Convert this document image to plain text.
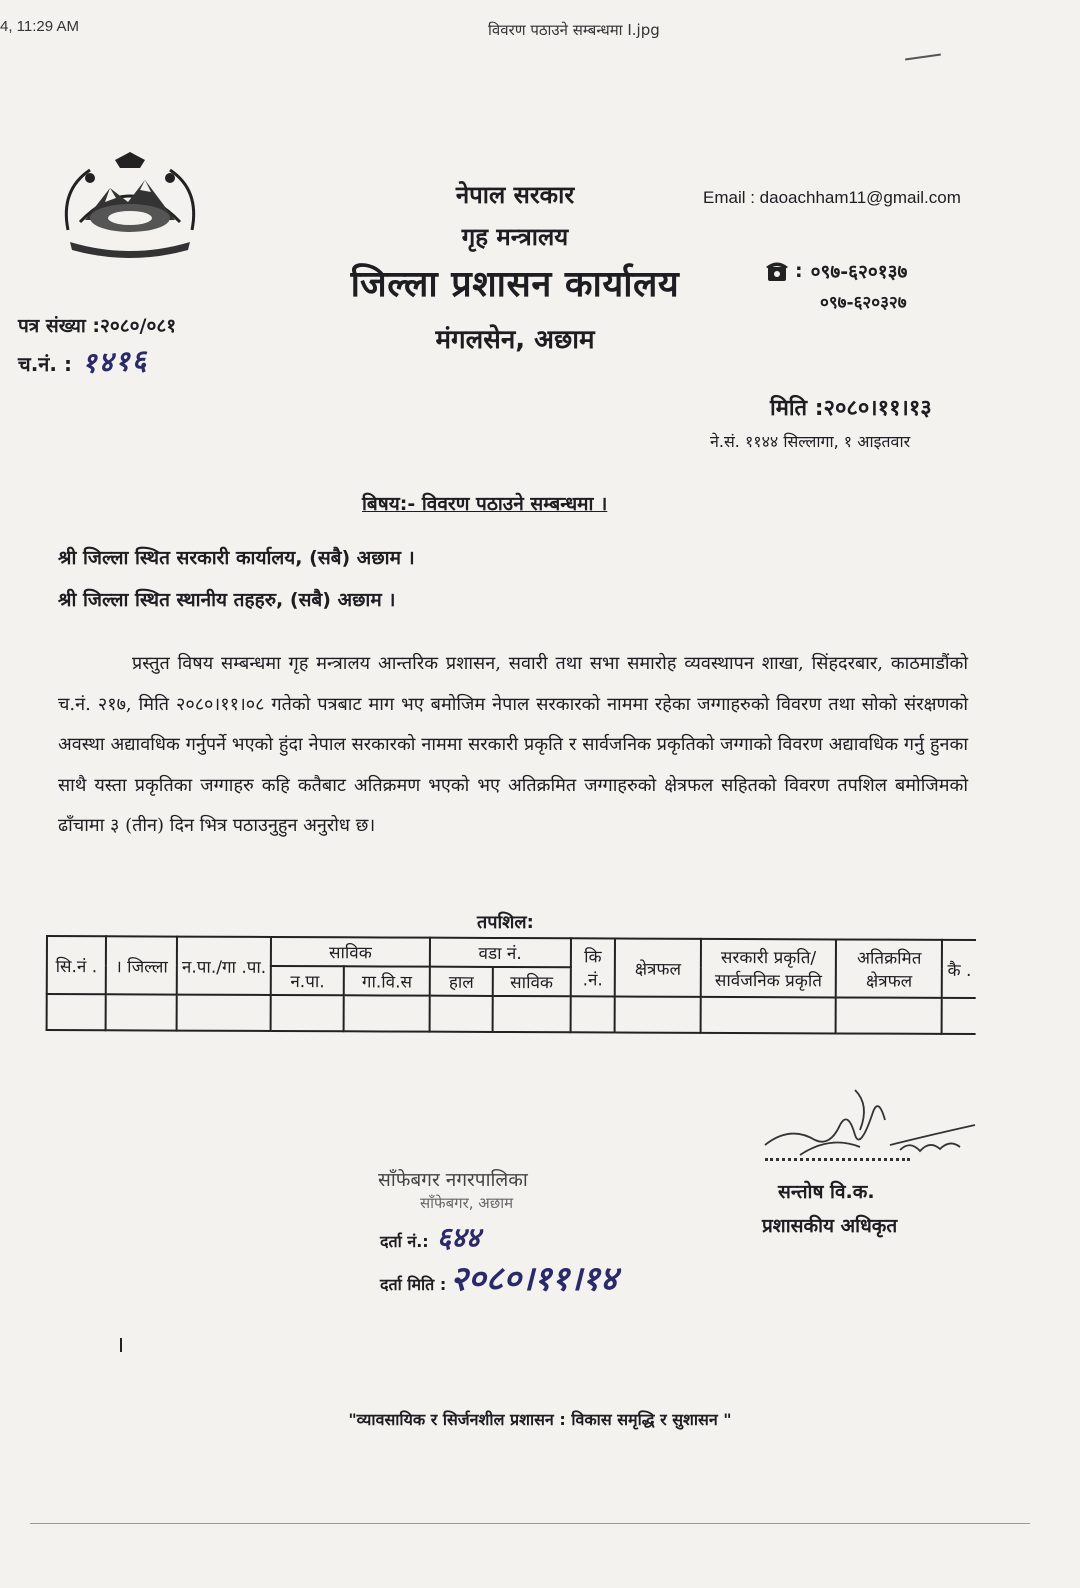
4, 11:29 AM	विवरण पठाउने सम्बन्धमा I.jpg
नेपाल सरकार
गृह मन्त्रालय
जिल्ला प्रशासन कार्यालय
मंगलसेन, अछाम
Email : daoachham11@gmail.com
: ०९७-६२०१३७
०९७-६२०३२७
पत्र संख्या :२०८०/०८१
च.नं. : १४१६
मिति :२०८०।११।१३
ने.सं. ११४४ सिल्लागा, १ आइतवार
बिषय:- विवरण पठाउने सम्बन्धमा ।
श्री जिल्ला स्थित सरकारी कार्यालय, (सबै) अछाम ।
श्री जिल्ला स्थित स्थानीय तहहरु, (सबै) अछाम ।
प्रस्तुत विषय सम्बन्धमा गृह मन्त्रालय आन्तरिक प्रशासन, सवारी तथा सभा समारोह व्यवस्थापन शाखा, सिंहदरबार, काठमाडौंको च.नं. २१७, मिति २०८०।११।०८ गतेको पत्रबाट माग भए बमोजिम नेपाल सरकारको नाममा रहेका जग्गाहरुको विवरण तथा सोको संरक्षणको अवस्था अद्यावधिक गर्नुपर्ने भएको हुंदा नेपाल सरकारको नाममा सरकारी प्रकृति र सार्वजनिक प्रकृतिको जग्गाको विवरण अद्यावधिक गर्नु हुनका साथै यस्ता प्रकृतिका जग्गाहरु कहि कतैबाट अतिक्रमण भएको भए अतिक्रमित जग्गाहरुको क्षेत्रफल सहितको विवरण तपशिल बमोजिमको ढाँचामा ३ (तीन) दिन भित्र पठाउनुहुन अनुरोध छ।
तपशिल:
सि.नं .	। जिल्ला	न.पा./गा .पा.	साविक		वडा नं.		कि .नं.	क्षेत्रफल	सरकारी प्रकृति/सार्वजनिक प्रकृति	अतिक्रमित क्षेत्रफल	कै .
			न.पा.	गा.वि.स	हाल	साविक					

सन्तोष वि.क.
प्रशासकीय अधिकृत
साँफेबगर नगरपालिका
साँफेबगर, अछाम
दर्ता नं.: ६४४
दर्ता मिति : २०८०।११।१४
"व्यावसायिक र सिर्जनशील प्रशासन : विकास समृद्धि र सुशासन "
